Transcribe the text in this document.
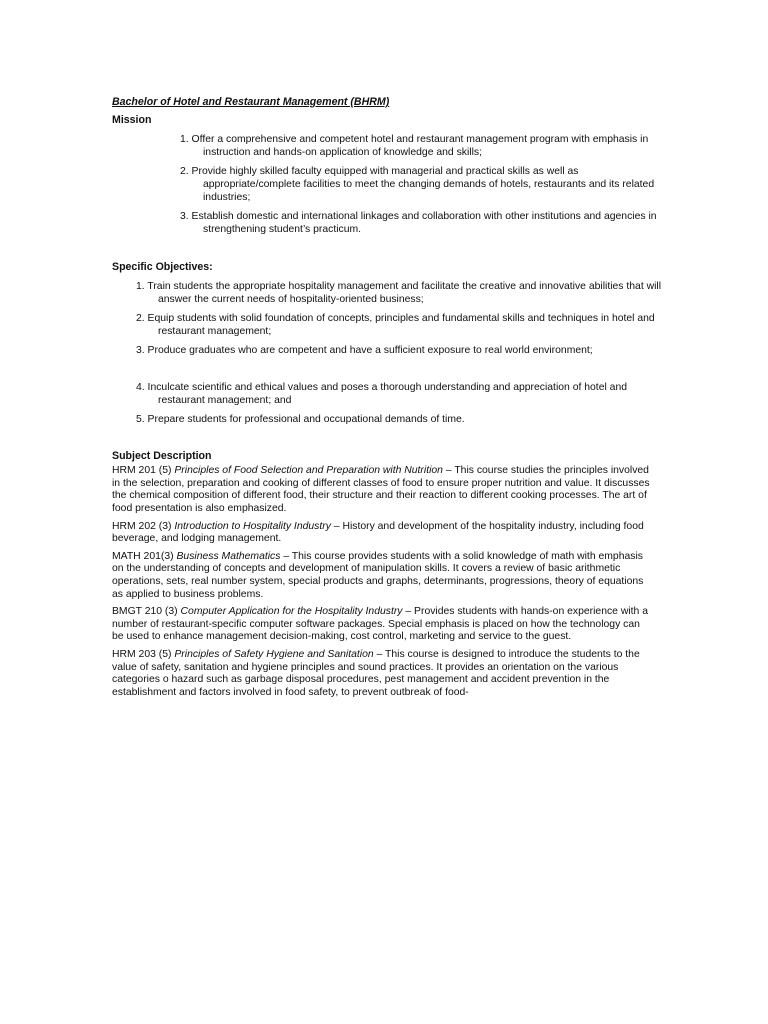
Bachelor of Hotel and Restaurant Management (BHRM)

Mission

1. Offer a comprehensive and competent hotel and restaurant management program with emphasis in instruction and hands-on application of knowledge and skills;
2. Provide highly skilled faculty equipped with managerial and practical skills as well as appropriate/complete facilities to meet the changing demands of hotels, restaurants and its related industries;
3. Establish domestic and international linkages and collaboration with other institutions and agencies in strengthening student’s practicum.

Specific Objectives:

1. Train students the appropriate hospitality management and facilitate the creative and innovative abilities that will answer the current needs of hospitality-oriented business;
2. Equip students with solid foundation of concepts, principles and fundamental skills and techniques in hotel and restaurant management;
3. Produce graduates who are competent and have a sufficient exposure to real world environment;
4. Inculcate scientific and ethical values and poses a thorough understanding and appreciation of hotel and restaurant management; and
5. Prepare students for professional and occupational demands of time.

Subject Description

HRM 201 (5) Principles of Food Selection and Preparation with Nutrition – This course studies the principles involved in the selection, preparation and cooking of different classes of food to ensure proper nutrition and value. It discusses the chemical composition of different food, their structure and their reaction to different cooking processes. The art of food presentation is also emphasized.

HRM 202 (3) Introduction to Hospitality Industry – History and development of the hospitality industry, including food beverage, and lodging management.

MATH 201(3) Business Mathematics – This course provides students with a solid knowledge of math with emphasis on the understanding of concepts and development of manipulation skills. It covers a review of basic arithmetic operations, sets, real number system, special products and graphs, determinants, progressions, theory of equations as applied to business problems.

BMGT 210 (3) Computer Application for the Hospitality Industry – Provides students with hands-on experience with a number of restaurant-specific computer software packages. Special emphasis is placed on how the technology can be used to enhance management decision-making, cost control, marketing and service to the guest.

HRM 203 (5) Principles of Safety Hygiene and Sanitation – This course is designed to introduce the students to the value of safety, sanitation and hygiene principles and sound practices. It provides an orientation on the various categories o hazard such as garbage disposal procedures, pest management and accident prevention in the establishment and factors involved in food safety, to prevent outbreak of food-
